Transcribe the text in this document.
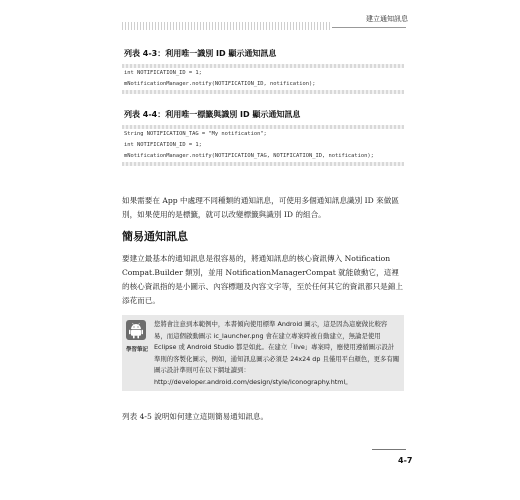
建立通知訊息
列表 4-3：利用唯一識別 ID 顯示通知訊息
int NOTIFICATION_ID = 1;
mNotificationManager.notify(NOTIFICATION_ID, notification);
列表 4-4：利用唯一標籤與識別 ID 顯示通知訊息
String NOTIFICATION_TAG = "My notification";
int NOTIFICATION_ID = 1;
mNotificationManager.notify(NOTIFICATION_TAG, NOTIFICATION_ID, notification);
如果需要在 App 中處理不同種類的通知訊息，可使用多個通知訊息識別 ID 來做區別，如果使用的是標籤，就可以改變標籤與識別 ID 的組合。
簡易通知訊息
要建立最基本的通知訊息是很容易的，將通知訊息的核心資訊傳入 Notification Compat.Builder 類別，並用 NotificationManagerCompat 就能啟動它，這裡的核心資訊指的是小圖示、內容標題及內容文字等，至於任何其它的資訊都只是錦上添花而已。
學習筆記
您將會注意到本範例中，本書傾向使用標準 Android 圖示，這是因為這麼做比較容易，而這個啟動圖示 ic_launcher.png 會在建立專案時被自動建立，無論是使用 Eclipse 或 Android Studio 都是如此。在建立「live」專案時，應使用遵循圖示設計準則的客製化圖示，例如，通知訊息圖示必須是 24x24 dp 且僅用平白顏色，更多有關圖示設計準則可在以下網址讀到：http://developer.android.com/design/style/iconography.html。
列表 4-5 說明如何建立這則簡易通知訊息。
4-7
